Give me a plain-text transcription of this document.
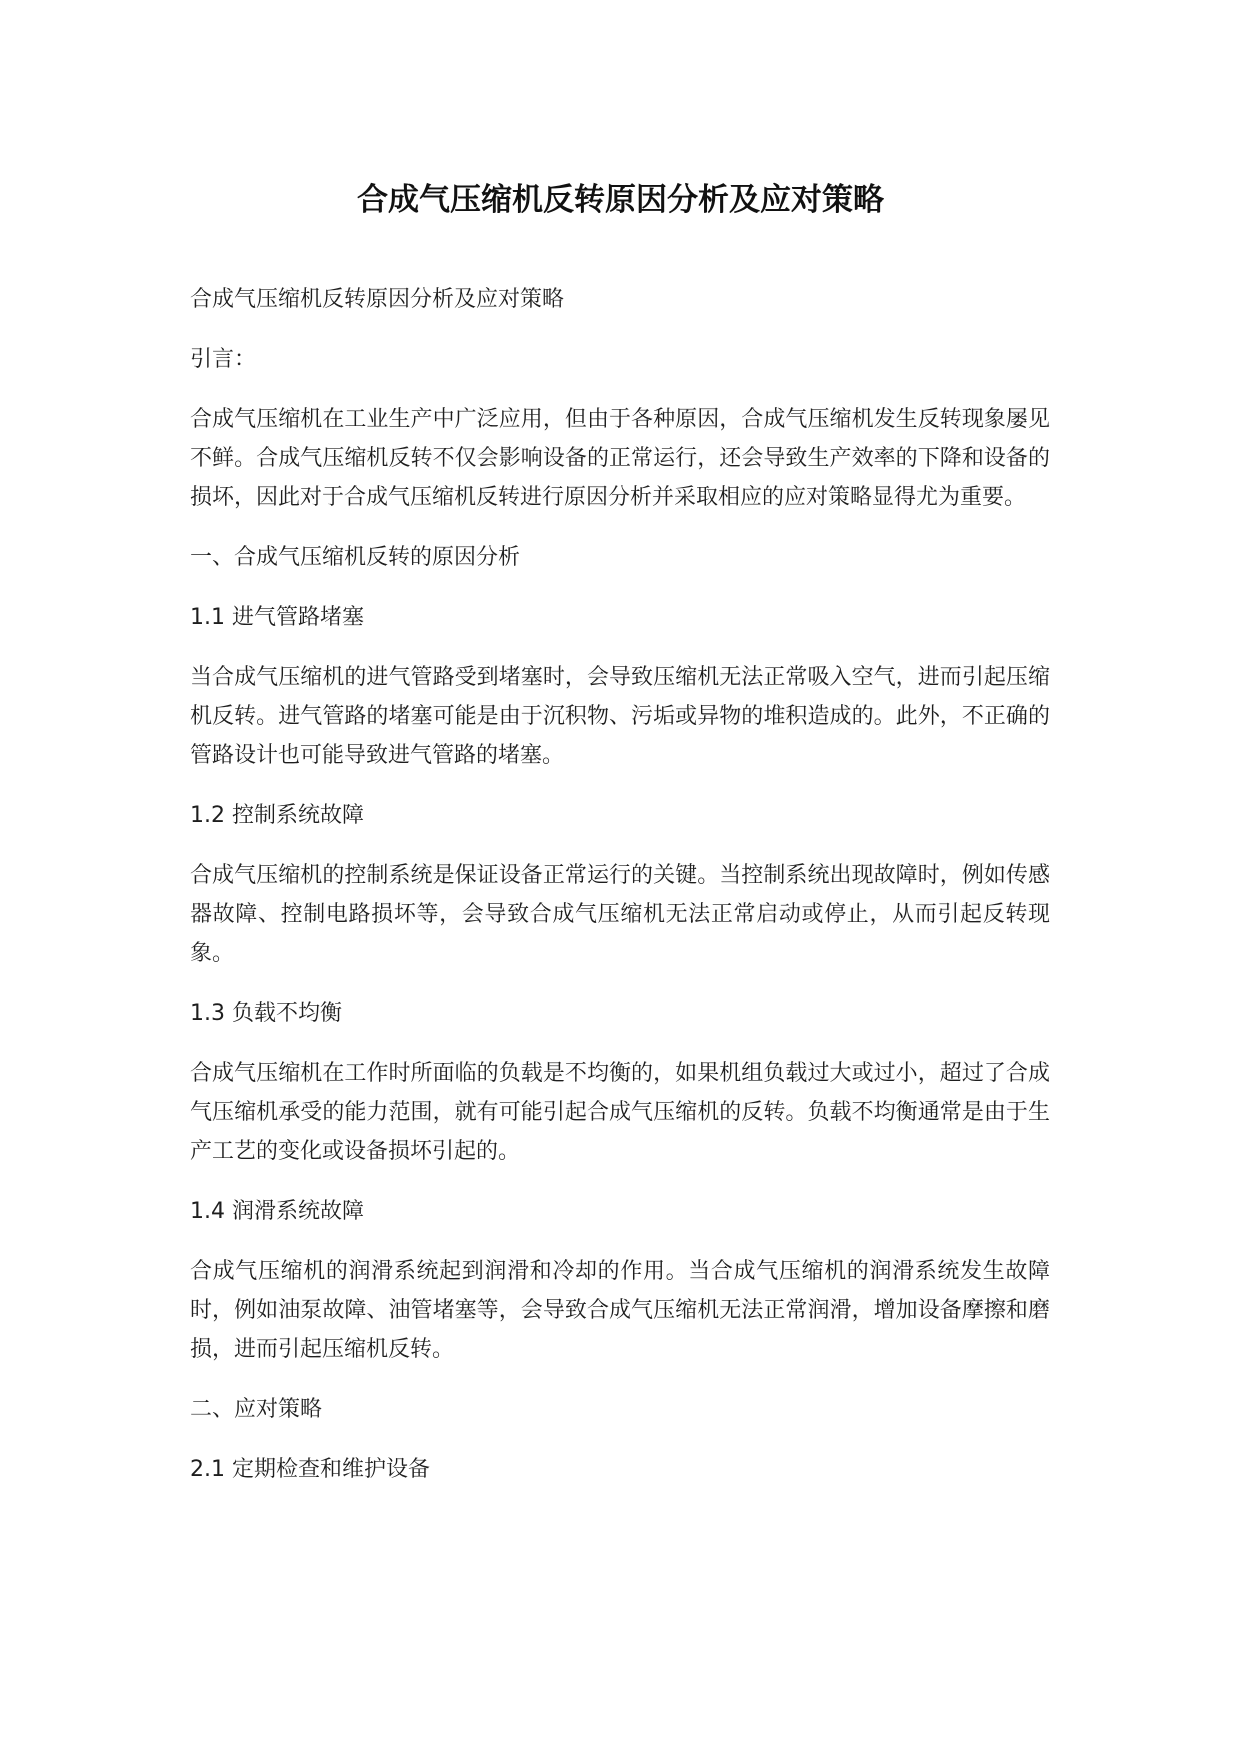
合成气压缩机反转原因分析及应对策略

合成气压缩机反转原因分析及应对策略

引言：

合成气压缩机在工业生产中广泛应用，但由于各种原因，合成气压缩机发生反转现象屡见不鲜。合成气压缩机反转不仅会影响设备的正常运行，还会导致生产效率的下降和设备的损坏，因此对于合成气压缩机反转进行原因分析并采取相应的应对策略显得尤为重要。

一、合成气压缩机反转的原因分析

1.1 进气管路堵塞

当合成气压缩机的进气管路受到堵塞时，会导致压缩机无法正常吸入空气，进而引起压缩机反转。进气管路的堵塞可能是由于沉积物、污垢或异物的堆积造成的。此外，不正确的管路设计也可能导致进气管路的堵塞。

1.2 控制系统故障

合成气压缩机的控制系统是保证设备正常运行的关键。当控制系统出现故障时，例如传感器故障、控制电路损坏等，会导致合成气压缩机无法正常启动或停止，从而引起反转现象。

1.3 负载不均衡

合成气压缩机在工作时所面临的负载是不均衡的，如果机组负载过大或过小，超过了合成气压缩机承受的能力范围，就有可能引起合成气压缩机的反转。负载不均衡通常是由于生产工艺的变化或设备损坏引起的。

1.4 润滑系统故障

合成气压缩机的润滑系统起到润滑和冷却的作用。当合成气压缩机的润滑系统发生故障时，例如油泵故障、油管堵塞等，会导致合成气压缩机无法正常润滑，增加设备摩擦和磨损，进而引起压缩机反转。

二、应对策略

2.1 定期检查和维护设备
